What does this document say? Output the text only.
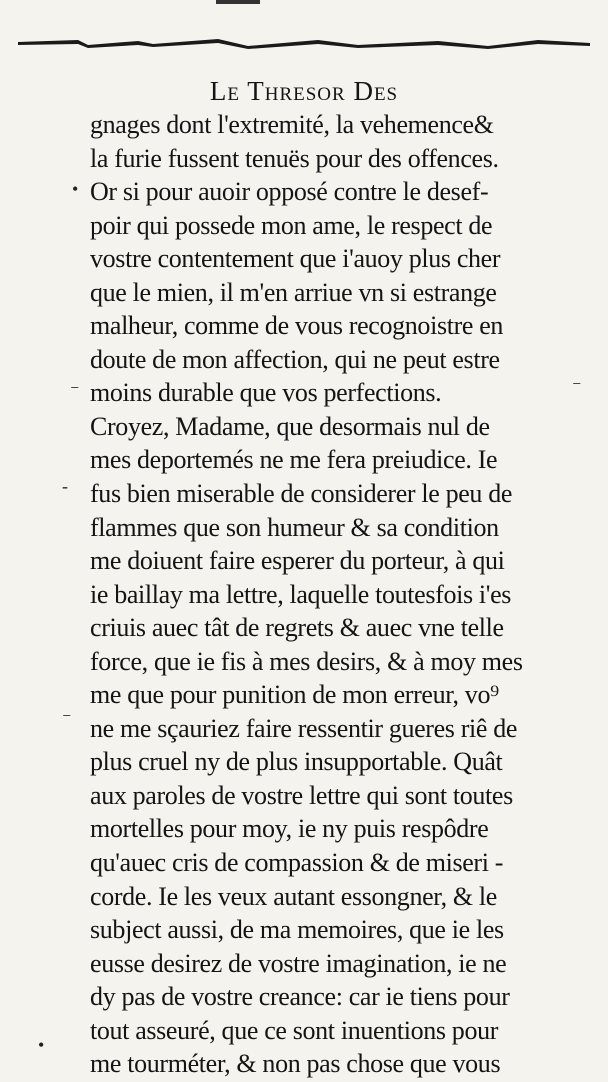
Le Thresor Des
gnages dont l'extremité, la vehemence&
la furie fussent tenuës pour des offences.
Or si pour auoir opposé contre le desef-
poir qui possede mon ame, le respect de
vostre contentement que i'auoy plus cher
que le mien, il m'en arriue vn si estrange
malheur, comme de vous recognoistre en
doute de mon affection, qui ne peut estre
moins durable que vos perfections.
Croyez, Madame, que desormais nul de
mes deportemés ne me fera preiudice. Ie
fus bien miserable de considerer le peu de
flammes que son humeur & sa condition
me doiuent faire esperer du porteur, à qui
ie baillay ma lettre, laquelle toutesfois i'es
criuis auec tât de regrets & auec vne telle
force, que ie fis à mes desirs, & à moy mes
me que pour punition de mon erreur, vo⁹
ne me sçauriez faire ressentir gueres riê de
plus cruel ny de plus insupportable. Quât
aux paroles de vostre lettre qui sont toutes
mortelles pour moy, ie ny puis respôdre
qu'auec cris de compassion & de miseri -
corde. Ie les veux autant essongner, & le
subject aussi, de ma memoires, que ie les
eusse desirez de vostre imagination, ie ne
dy pas de vostre creance: car ie tiens pour
tout asseuré, que ce sont inuentions pour
me tourméter, & non pas chose que vous
•
⁻
‐
⁻
•
⁻
